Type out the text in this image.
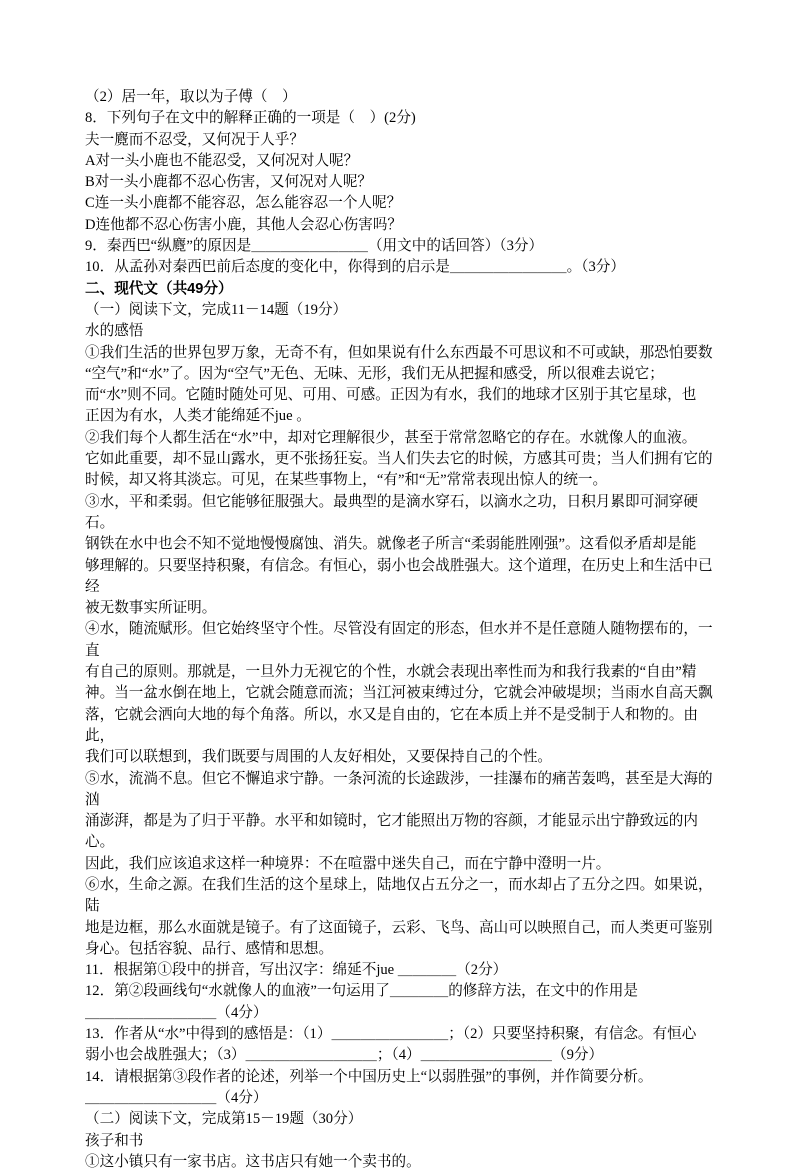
（2）居一年，取以为子傅（　）
8．下列句子在文中的解释正确的一项是（　）(2分)
夫一麑而不忍受，又何况于人乎？
A对一头小鹿也不能忍受，又何况对人呢？
B对一头小鹿都不忍心伤害，又何况对人呢？
C连一头小鹿都不能容忍，怎么能容忍一个人呢？
D连他都不忍心伤害小鹿，其他人会忍心伤害吗？
9．秦西巴“纵麑”的原因是＿＿＿＿＿＿＿＿（用文中的话回答）（3分）
10．从孟孙对秦西巴前后态度的变化中，你得到的启示是＿＿＿＿＿＿＿＿。（3分）
二、现代文（共49分）
（一）阅读下文，完成11－14题（19分）
水的感悟
①我们生活的世界包罗万象，无奇不有，但如果说有什么东西最不可思议和不可或缺，那恐怕要数
“空气”和“水”了。因为“空气”无色、无味、无形，我们无从把握和感受，所以很难去说它；
而“水”则不同。它随时随处可见、可用、可感。正因为有水，我们的地球才区别于其它星球，也
正因为有水，人类才能绵延不jue 。
②我们每个人都生活在“水”中，却对它理解很少，甚至于常常忽略它的存在。水就像人的血液。
它如此重要，却不显山露水，更不张扬狂妄。当人们失去它的时候，方感其可贵；当人们拥有它的
时候，却又将其淡忘。可见，在某些事物上，“有”和“无”常常表现出惊人的统一。
③水，平和柔弱。但它能够征服强大。最典型的是滴水穿石，以滴水之功，日积月累即可洞穿硬石。
钢铁在水中也会不知不觉地慢慢腐蚀、消失。就像老子所言“柔弱能胜刚强”。这看似矛盾却是能
够理解的。只要坚持积聚，有信念。有恒心，弱小也会战胜强大。这个道理，在历史上和生活中已经
被无数事实所证明。
④水，随流赋形。但它始终坚守个性。尽管没有固定的形态，但水并不是任意随人随物摆布的，一直
有自己的原则。那就是，一旦外力无视它的个性，水就会表现出率性而为和我行我素的“自由”精
神。当一盆水倒在地上，它就会随意而流；当江河被束缚过分，它就会冲破堤坝；当雨水自高天飘
落，它就会洒向大地的每个角落。所以，水又是自由的，它在本质上并不是受制于人和物的。由此，
我们可以联想到，我们既要与周围的人友好相处，又要保持自己的个性。
⑤水，流淌不息。但它不懈追求宁静。一条河流的长途跋涉，一挂瀑布的痛苦轰鸣，甚至是大海的汹
涌澎湃，都是为了归于平静。水平和如镜时，它才能照出万物的容颜，才能显示出宁静致远的内心。
因此，我们应该追求这样一种境界：不在喧嚣中迷失自己，而在宁静中澄明一片。
⑥水，生命之源。在我们生活的这个星球上，陆地仅占五分之一，而水却占了五分之四。如果说，陆
地是边框，那么水面就是镜子。有了这面镜子，云彩、飞鸟、高山可以映照自己，而人类更可鉴别
身心。包括容貌、品行、感情和思想。
11．根据第①段中的拼音，写出汉字：绵延不jue ＿＿＿＿（2分）
12．第②段画线句“水就像人的血液”一句运用了＿＿＿＿的修辞方法，在文中的作用是
＿＿＿＿＿＿＿＿＿（4分）
13．作者从“水”中得到的感悟是：（1）＿＿＿＿＿＿＿＿；（2）只要坚持积聚，有信念。有恒心
弱小也会战胜强大；（3）＿＿＿＿＿＿＿＿＿；（4）＿＿＿＿＿＿＿＿＿（9分）
14．请根据第③段作者的论述，列举一个中国历史上“以弱胜强”的事例，并作简要分析。
＿＿＿＿＿＿＿＿＿（4分）
（二）阅读下文，完成第15－19题（30分）
孩子和书
①这小镇只有一家书店。这书店只有她一个卖书的。
